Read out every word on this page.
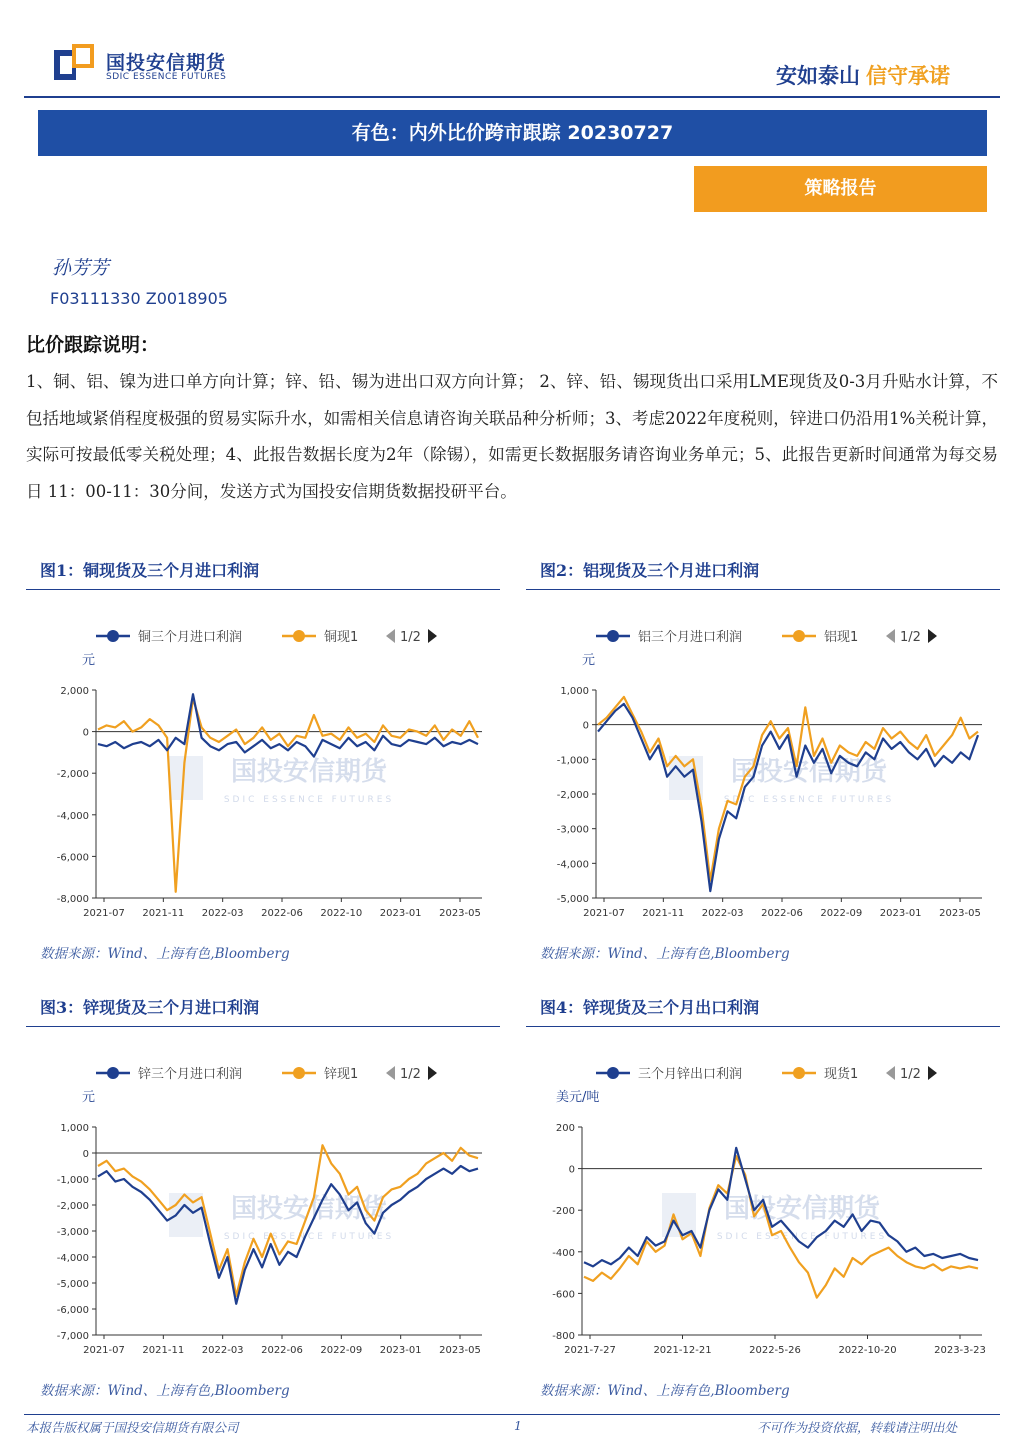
国投安信期货
SDIC ESSENCE FUTURES	安如泰山 信守承诺
有色：内外比价跨市跟踪 20230727
策略报告
孙芳芳
F03111330 Z0018905
比价跟踪说明：
1、铜、铝、镍为进口单方向计算；锌、铅、锡为进出口双方向计算； 2、锌、铅、锡现货出口采用LME现货及0-3月升贴水计算，不包括地域紧俏程度极强的贸易实际升水，如需相关信息请咨询关联品种分析师；3、考虑2022年度税则，锌进口仍沿用1%关税计算，实际可按最低零关税处理；4、此报告数据长度为2年（除锡），如需更长数据服务请咨询业务单元；5、此报告更新时间通常为每交易日 11：00-11：30分间，发送方式为国投安信期货数据投研平台。
图1：铜现货及三个月进口利润
数据来源：Wind、上海有色,Bloomberg
国投安信期货
SDIC ESSENCE FUTURES
铜三个月进口利润	铜现1	1/2
元
2,000
0
-2,000
-4,000
-6,000
-8,000
2021-07 2021-11 2022-03 2022-06 2022-10 2023-01 2023-05
图2：铝现货及三个月进口利润
数据来源：Wind、上海有色,Bloomberg
国投安信期货
SDIC ESSENCE FUTURES
铝三个月进口利润	铝现1	1/2
元
1,000
0
-1,000
-2,000
-3,000
-4,000
-5,000
2021-07 2021-11 2022-03 2022-06 2022-09 2023-01 2023-05
图3：锌现货及三个月进口利润
数据来源：Wind、上海有色,Bloomberg
国投安信期货
SDIC ESSENCE FUTURES
锌三个月进口利润	锌现1	1/2
元
1,000
0
-1,000
-2,000
-3,000
-4,000
-5,000
-6,000
-7,000
2021-07 2021-11 2022-03 2022-06 2022-09 2023-01 2023-05
图4：锌现货及三个月出口利润
数据来源：Wind、上海有色,Bloomberg
国投安信期货
SDIC ESSENCE FUTURES
三个月锌出口利润	现货1	1/2
美元/吨
200
0
-200
-400
-600
-800
2021-7-27	2021-12-21	2022-5-26	2022-10-20	2023-3-23
本报告版权属于国投安信期货有限公司	1	不可作为投资依据，转载请注明出处
